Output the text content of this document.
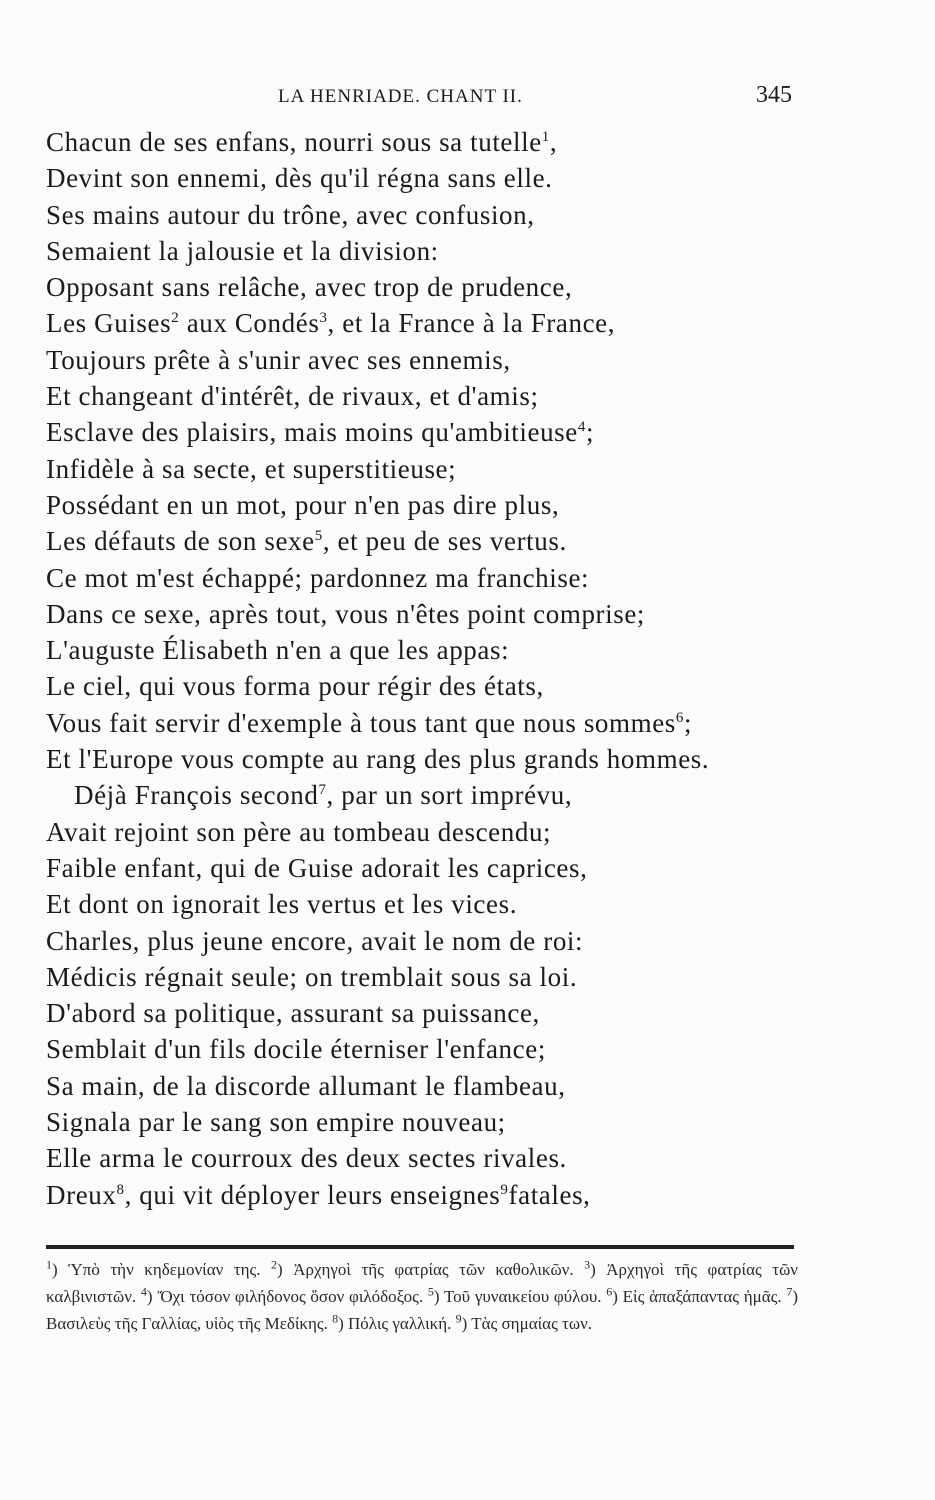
LA HENRIADE. CHANT II.	345
Chacun de ses enfans, nourri sous sa tutelle$^1$,
Devint son ennemi, dès qu'il régna sans elle.
Ses mains autour du trône, avec confusion,
Semaient la jalousie et la division:
Opposant sans relâche, avec trop de prudence,
Les Guises$^2$ aux Condés$^3$, et la France à la France,
Toujours prête à s'unir avec ses ennemis,
Et changeant d'intérêt, de rivaux, et d'amis;
Esclave des plaisirs, mais moins qu'ambitieuse$^4$;
Infidèle à sa secte, et superstitieuse;
Possédant en un mot, pour n'en pas dire plus,
Les défauts de son sexe$^5$, et peu de ses vertus.
Ce mot m'est échappé; pardonnez ma franchise:
Dans ce sexe, après tout, vous n'êtes point comprise;
L'auguste Élisabeth n'en a que les appas:
Le ciel, qui vous forma pour régir des états,
Vous fait servir d'exemple à tous tant que nous sommes$^6$;
Et l'Europe vous compte au rang des plus grands hommes.
Déjà François second$^7$, par un sort imprévu,
Avait rejoint son père au tombeau descendu;
Faible enfant, qui de Guise adorait les caprices,
Et dont on ignorait les vertus et les vices.
Charles, plus jeune encore, avait le nom de roi:
Médicis régnait seule; on tremblait sous sa loi.
D'abord sa politique, assurant sa puissance,
Semblait d'un fils docile éterniser l'enfance;
Sa main, de la discorde allumant le flambeau,
Signala par le sang son empire nouveau;
Elle arma le courroux des deux sectes rivales.
Dreux$^8$, qui vit déployer leurs enseignes$^9$fatales,
$^1$) Ὑπὸ τὴν κηδεμονίαν της. $^2$) Ἀρχηγοὶ τῆς φατρίας τῶν καθολικῶν. $^3$) Ἀρχηγοὶ τῆς φατρίας τῶν καλβινιστῶν. $^4$) Ὄχι τόσον φιλήδονος ὅσον φιλόδοξος. $^5$) Τοῦ γυναικείου φύλου. $^6$) Εἰς ἁπαξάπαντας ἡμᾶς. $^7$) Βασιλεὺς τῆς Γαλλίας, υἱὸς τῆς Μεδίκης. $^8$) Πόλις γαλλική. $^9$) Τὰς σημαίας των.
